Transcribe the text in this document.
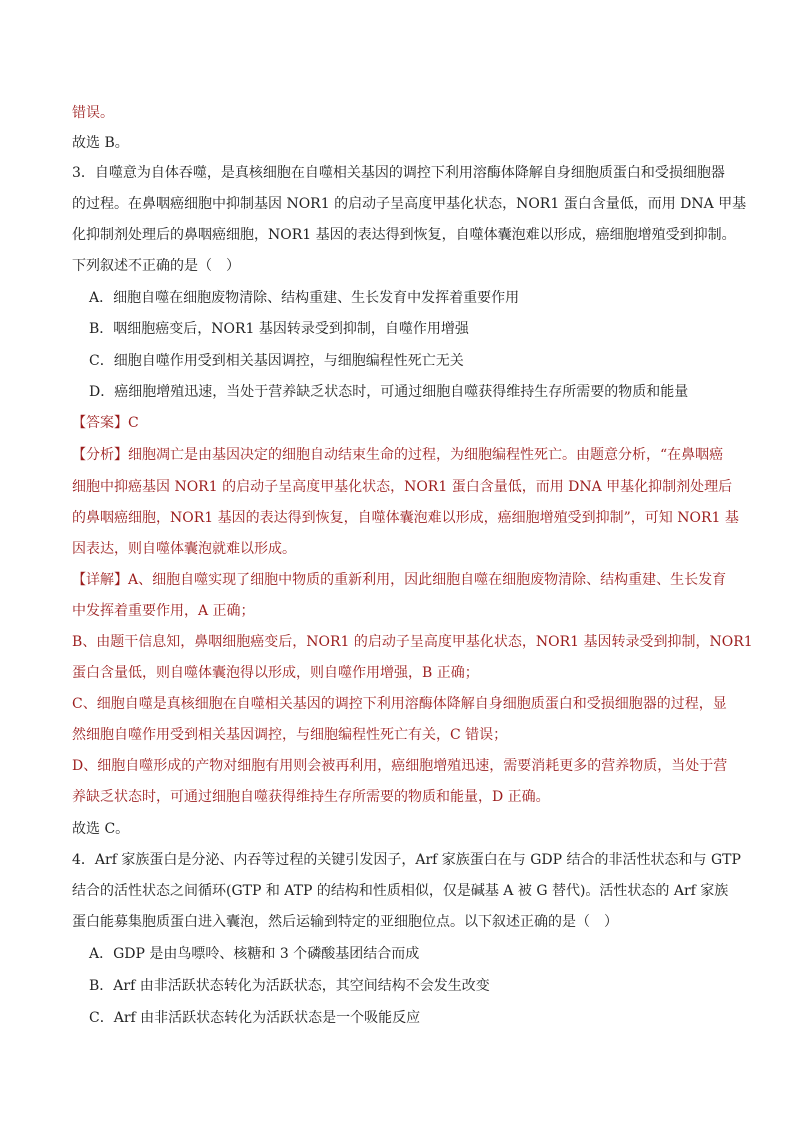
错误。
故选 B。
3．自噬意为自体吞噬，是真核细胞在自噬相关基因的调控下利用溶酶体降解自身细胞质蛋白和受损细胞器
的过程。在鼻咽癌细胞中抑制基因 NOR1 的启动子呈高度甲基化状态，NOR1 蛋白含量低，而用 DNA 甲基
化抑制剂处理后的鼻咽癌细胞，NOR1 基因的表达得到恢复，自噬体囊泡难以形成，癌细胞增殖受到抑制。
下列叙述不正确的是（　）
A．细胞自噬在细胞废物清除、结构重建、生长发育中发挥着重要作用
B．咽细胞癌变后，NOR1 基因转录受到抑制，自噬作用增强
C．细胞自噬作用受到相关基因调控，与细胞编程性死亡无关
D．癌细胞增殖迅速，当处于营养缺乏状态时，可通过细胞自噬获得维持生存所需要的物质和能量
【答案】C
【分析】细胞凋亡是由基因决定的细胞自动结束生命的过程，为细胞编程性死亡。由题意分析，“在鼻咽癌
细胞中抑癌基因 NOR1 的启动子呈高度甲基化状态，NOR1 蛋白含量低，而用 DNA 甲基化抑制剂处理后
的鼻咽癌细胞，NOR1 基因的表达得到恢复，自噬体囊泡难以形成，癌细胞增殖受到抑制”，可知 NOR1 基
因表达，则自噬体囊泡就难以形成。
【详解】A、细胞自噬实现了细胞中物质的重新利用，因此细胞自噬在细胞废物清除、结构重建、生长发育
中发挥着重要作用，A 正确；
B、由题干信息知，鼻咽细胞癌变后，NOR1 的启动子呈高度甲基化状态，NOR1 基因转录受到抑制，NOR1
蛋白含量低，则自噬体囊泡得以形成，则自噬作用增强，B 正确；
C、细胞自噬是真核细胞在自噬相关基因的调控下利用溶酶体降解自身细胞质蛋白和受损细胞器的过程，显
然细胞自噬作用受到相关基因调控，与细胞编程性死亡有关，C 错误；
D、细胞自噬形成的产物对细胞有用则会被再利用，癌细胞增殖迅速，需要消耗更多的营养物质，当处于营
养缺乏状态时，可通过细胞自噬获得维持生存所需要的物质和能量，D 正确。
故选 C。
4．Arf 家族蛋白是分泌、内吞等过程的关键引发因子，Arf 家族蛋白在与 GDP 结合的非活性状态和与 GTP
结合的活性状态之间循环(GTP 和 ATP 的结构和性质相似，仅是碱基 A 被 G 替代)。活性状态的 Arf 家族
蛋白能募集胞质蛋白进入囊泡，然后运输到特定的亚细胞位点。以下叙述正确的是（　）
A．GDP 是由鸟嘌呤、核糖和 3 个磷酸基团结合而成
B．Arf 由非活跃状态转化为活跃状态，其空间结构不会发生改变
C．Arf 由非活跃状态转化为活跃状态是一个吸能反应
